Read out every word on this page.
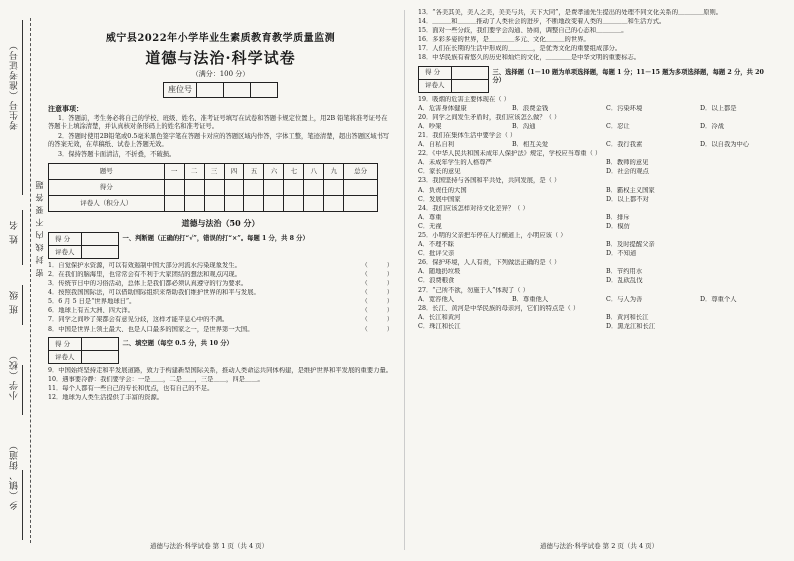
考生号（准考证号）
姓 名
班 级
小学（校）
乡（镇、街道）
密 封 线 内 不 要 答 题
威宁县2022年小学毕业生素质教育教学质量监测
道德与法治·科学试卷
（满分：100 分）
座位号			
注意事项：

1．答题前，考生务必将自己的学校、班级、姓名、准考证号填写在试卷和答题卡规定位置上，用2B 铅笔将准考证号在答题卡上填涂清楚，并认真核对条形码上的姓名和准考证号。

2．答题时使用2B铅笔或0.5毫米黑色签字笔在答题卡对应的答题区域内作答，字体工整，笔迹清楚，超出答题区域书写的答案无效，在草稿纸、试卷上答题无效。

3．保持答题卡面清洁，不折叠，不破损。

题号	一	二	三	四	五	六	七	八	九	总分
得分										
评卷人（积分人）										
道德与法治（50 分）
得 分	
评卷人	
一、判断题（正确的打“√”，错误的打“×”。每题 1 分，共 8 分）
（　　　）
1．自觉保护水资源，可以有效遏制中国大部分河流水污染现象发生。
（　　　）
2．在我们的脑海里，也常常会有不利于大家团结的想法和观点闪现。
（　　　）
3．传统节日中的习俗活动，总体上是我们都必须认真遵守的行为要求。
（　　　）
4．按照我国国际法，可以借助国际组织来帮助我们维护世界的和平与发展。
（　　　）
5．6 月 5 日是“世界地球日”。
（　　　）
6．地球上有五大洲、四大洋。
（　　　）
7．同学之间吵了架都会有意见分歧，这样才能平息心中的不满。
（　　　）
8．中国是世界上领土最大、也是人口最多的国家之一，是世界第一大国。
得 分	
评卷人	
二、填空题（每空 0.5 分，共 10 分）
9．中国始终坚持走和平发展道路，致力于构建新型国际关系，推动人类命运共同体构建，是维护世界和平发展的重要力量。
10．遇事要冷静：我们要学会：一是＿＿，二是＿＿，三是＿＿，四是＿＿。
11．每个人都有一些自己的专长和优点，也有自己的不足。
12．地球为人类生活提供了丰富的资源。
道德与法治·科学试卷 第 1 页（共 4 页）
13．“各美其美，美人之美，美美与共，天下大同”，是费孝通先生提出的处理不同文化关系的＿＿＿＿原则。
14．＿＿＿和＿＿＿推动了人类社会的进步，不断地改变着人类的＿＿＿＿和生活方式。
15．面对一些分歧，我们要学会沟通、协商，调整自己的心态和＿＿＿＿。
16．多彩多姿的世界，是＿＿＿＿多元、文化＿＿＿的世界。
17．人们在长期的生活中形成的＿＿＿＿，是优秀文化的重要组成部分。
18．中华民族有着悠久的历史和灿烂的文化，＿＿＿＿是中华文明的重要标志。
得 分	
评卷人	
三、选择题（1－10 题为单项选择题，每题 1 分；11－15 题为多项选择题，每题 2 分，共 20 分）
19．吸烟的危害主要体现在（ ）
A．危害身体健康	B．浪费金钱	C．污染环境	D．以上都是
20．同学之间发生矛盾时，我们应该怎么做？（ ）
A．吵架	B．沟通	C．忍让	D．冷战
21．我们在集体生活中要学会（ ）
A．自私自利	B．相互关爱	C．我行我素	D．以自我为中心
22．《中华人民共和国未成年人保护法》规定，学校应当尊重（ ）
A．未成年学生的人格尊严	B．教师的意见
C．家长的意见	D．社会的观点
23．我国坚持与各国和平共处，共同发展，是（ ）
A．负责任的大国	B．霸权主义国家
C．发展中国家	D．以上都不对
24．我们应该怎样对待文化差异？（ ）
A．尊重	B．排斥
C．无视	D．模仿
25．小明的父亲把车停在人行横道上，小明应该（ ）
A．不理不睬	B．及时提醒父亲
C．批评父亲	D．不知道
26．保护环境，人人有责，下列做法正确的是（ ）
A．随地扔垃圾	B．节约用水
C．浪费粮食	D．乱砍乱伐
27．“己所不欲，勿施于人”体现了（ ）
A．宽容他人	B．尊重他人	C．与人为善	D．尊重个人
28．长江、黄河是中华民族的母亲河，它们的特点是（ ）
A．长江和黄河	B．黄河和长江
C．珠江和长江	D．黑龙江和长江
道德与法治·科学试卷 第 2 页（共 4 页）
